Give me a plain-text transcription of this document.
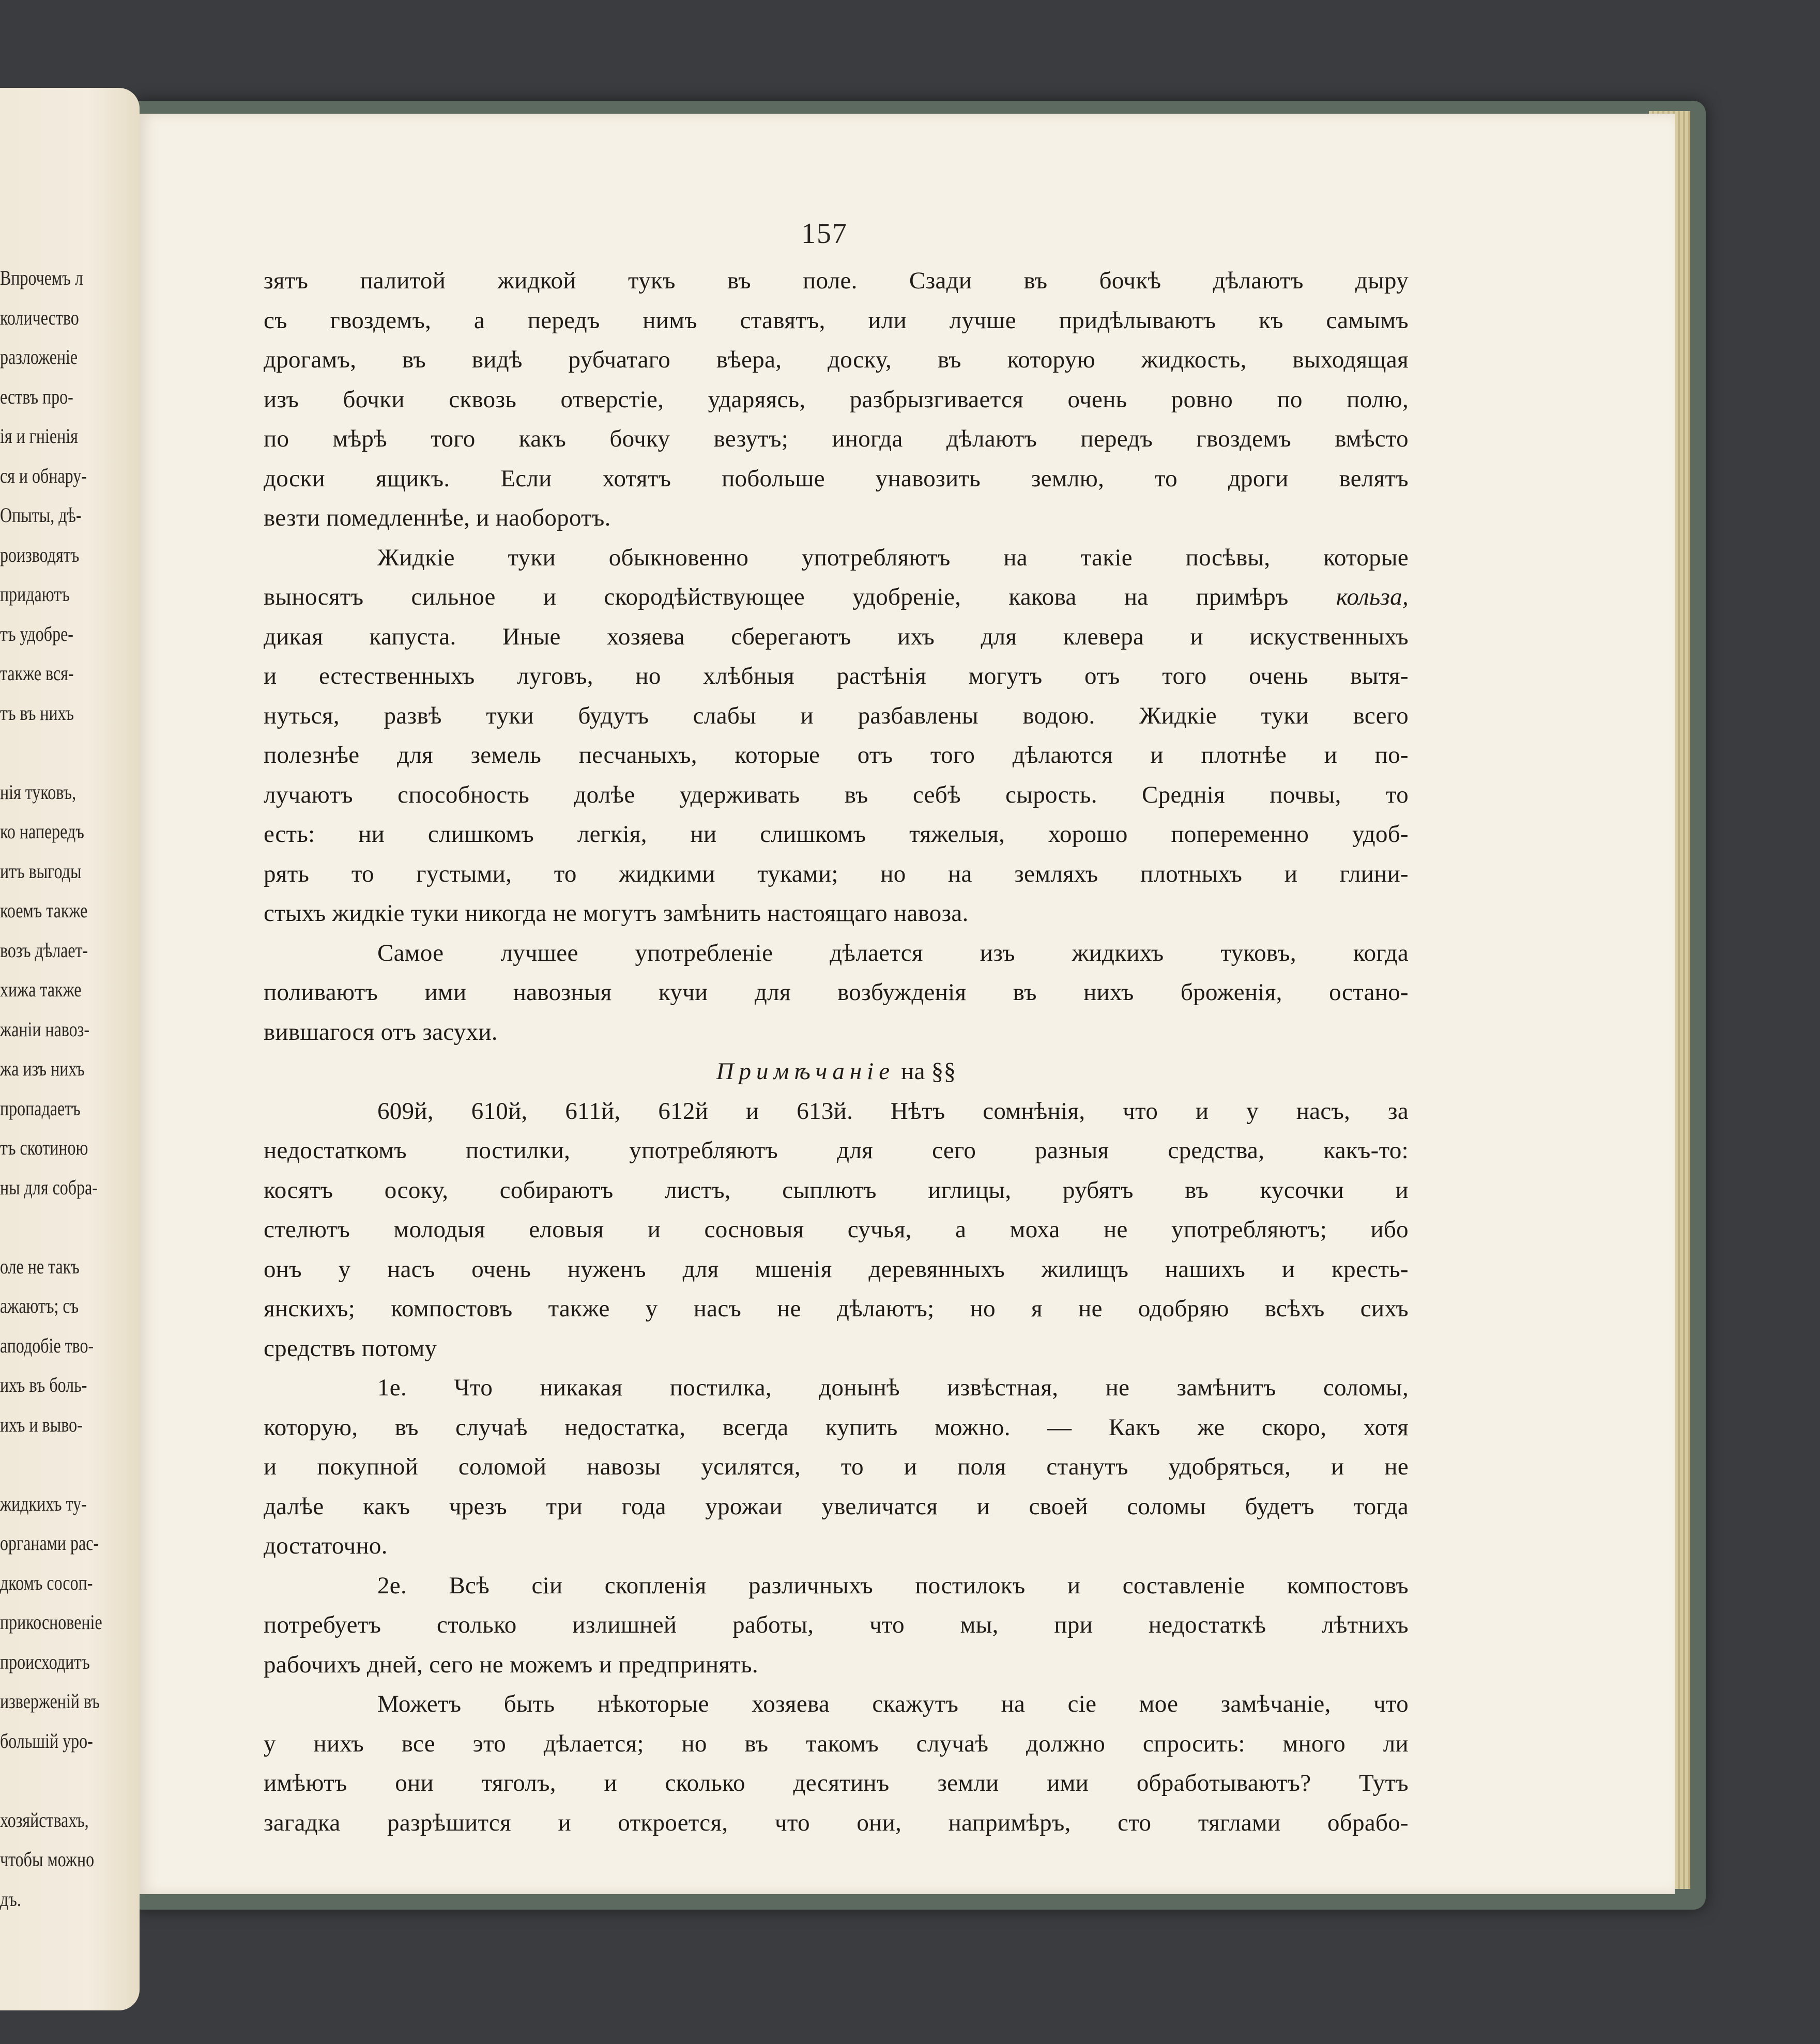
Впрочемъ л
количество
разложеніе
ествъ про-
ія и гніенія
ся и обнару-
Опыты, дѣ-
роизводятъ
придаютъ
тъ удобре-
также вся-
тъ въ нихъ
нія туковъ,
ко напередъ
итъ выгоды
коемъ также
возъ дѣлает-
хижа также
жаніи навоз-
жа изъ нихъ
пропадаетъ
тъ скотиною
ны для собра-
оле не такъ
ажаютъ; съ
аподобіе тво-
ихъ въ боль-
ихъ и выво-
жидкихъ ту-
органами рас-
дкомъ сосоп-
прикосновеніе
происходитъ
изверженій въ
большій уро-
хозяйствахъ,
чтобы можно
дъ.
157
зятъ палитой жидкой тукъ въ поле. Сзади въ бочкѣ дѣлаютъ дыру
съ гвоздемъ, а передъ нимъ ставятъ, или лучше придѣлываютъ къ самымъ
дрогамъ, въ видѣ рубчатаго вѣера, доску, въ которую жидкость, выходящая
изъ бочки сквозь отверстіе, ударяясь, разбрызгивается очень ровно по полю,
по мѣрѣ того какъ бочку везутъ; иногда дѣлаютъ передъ гвоздемъ вмѣсто
доски ящикъ. Если хотятъ побольше унавозить землю, то дроги велятъ
везти помедленнѣе, и наоборотъ.
Жидкіе туки обыкновенно употребляютъ на такіе посѣвы, которые
выносятъ сильное и скородѣйствующее удобреніе, какова на примѣръ кольза,
дикая капуста. Иные хозяева сберегаютъ ихъ для клевера и искуственныхъ
и естественныхъ луговъ, но хлѣбныя растѣнія могутъ отъ того очень вытя-
нуться, развѣ туки будутъ слабы и разбавлены водою. Жидкіе туки всего
полезнѣе для земель песчаныхъ, которые отъ того дѣлаются и плотнѣе и по-
лучаютъ способность долѣе удерживать въ себѣ сырость. Среднія почвы, то
есть: ни слишкомъ легкія, ни слишкомъ тяжелыя, хорошо попеременно удоб-
рять то густыми, то жидкими туками; но на земляхъ плотныхъ и глини-
стыхъ жидкіе туки никогда не могутъ замѣнить настоящаго навоза.
Самое лучшее употребленіе дѣлается изъ жидкихъ туковъ, когда
поливаютъ ими навозныя кучи для возбужденія въ нихъ броженія, остано-
вившагося отъ засухи.
Примѣчаніе на §§
609й, 610й, 611й, 612й и 613й. Нѣтъ сомнѣнія, что и у насъ, за
недостаткомъ постилки, употребляютъ для сего разныя средства, какъ-то:
косятъ осоку, собираютъ листъ, сыплютъ иглицы, рубятъ въ кусочки и
стелютъ молодыя еловыя и сосновыя сучья, а моха не употребляютъ; ибо
онъ у насъ очень нуженъ для мшенія деревянныхъ жилищъ нашихъ и кресть-
янскихъ; компостовъ также у насъ не дѣлаютъ; но я не одобряю всѣхъ сихъ
средствъ потому
1е. Что никакая постилка, донынѣ извѣстная, не замѣнитъ соломы,
которую, въ случаѣ недостатка, всегда купить можно. — Какъ же скоро, хотя
и покупной соломой навозы усилятся, то и поля станутъ удобряться, и не
далѣе какъ чрезъ три года урожаи увеличатся и своей соломы будетъ тогда
достаточно.
2е. Всѣ сіи скопленія различныхъ постилокъ и составленіе компостовъ
потребуетъ столько излишней работы, что мы, при недостаткѣ лѣтнихъ
рабочихъ дней, сего не можемъ и предпринять.
Можетъ быть нѣкоторые хозяева скажутъ на сіе мое замѣчаніе, что
у нихъ все это дѣлается; но въ такомъ случаѣ должно спросить: много ли
имѣютъ они тяголъ, и сколько десятинъ земли ими обработываютъ? Тутъ
загадка разрѣшится и откроется, что они, напримѣръ, сто тяглами обрабо-
